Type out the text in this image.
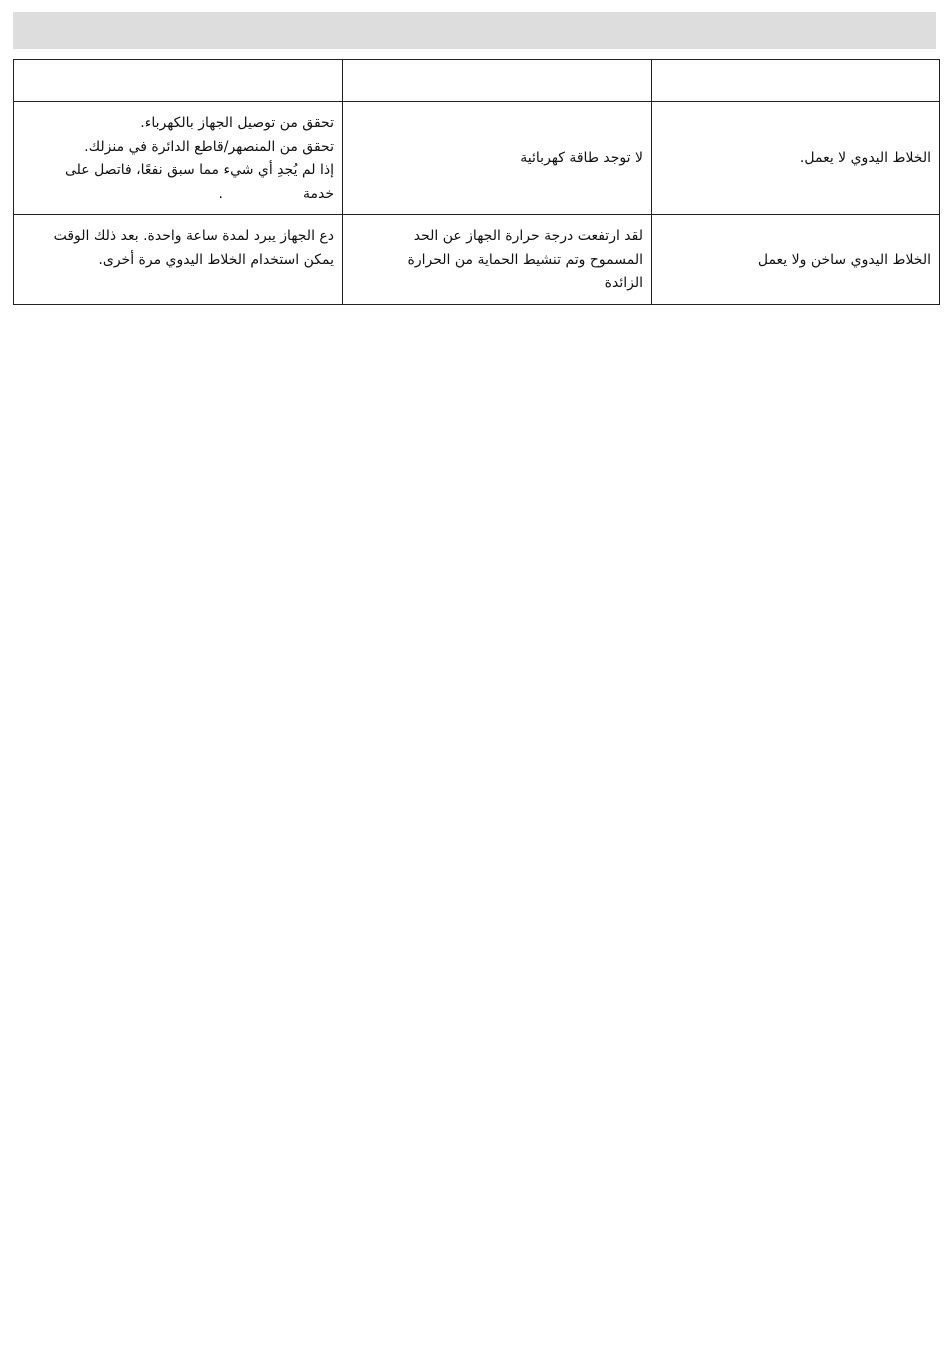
الخلاط اليدوي لا يعمل.	لا توجد طاقة كهربائية	تحقق من توصيل الجهاز بالكهرباء.
تحقق من المنصهر/قاطع الدائرة في منزلك.
إذا لم يُجدِ أي شيء مما سبق نفعًا، فاتصل على
خدمة.

الخلاط اليدوي ساخن ولا يعمل	لقد ارتفعت درجة حرارة الجهاز عن الحد
المسموح وتم تنشيط الحماية من الحرارة
الزائدة	دع الجهاز يبرد لمدة ساعة واحدة. بعد ذلك الوقت
يمكن استخدام الخلاط اليدوي مرة أخرى.
